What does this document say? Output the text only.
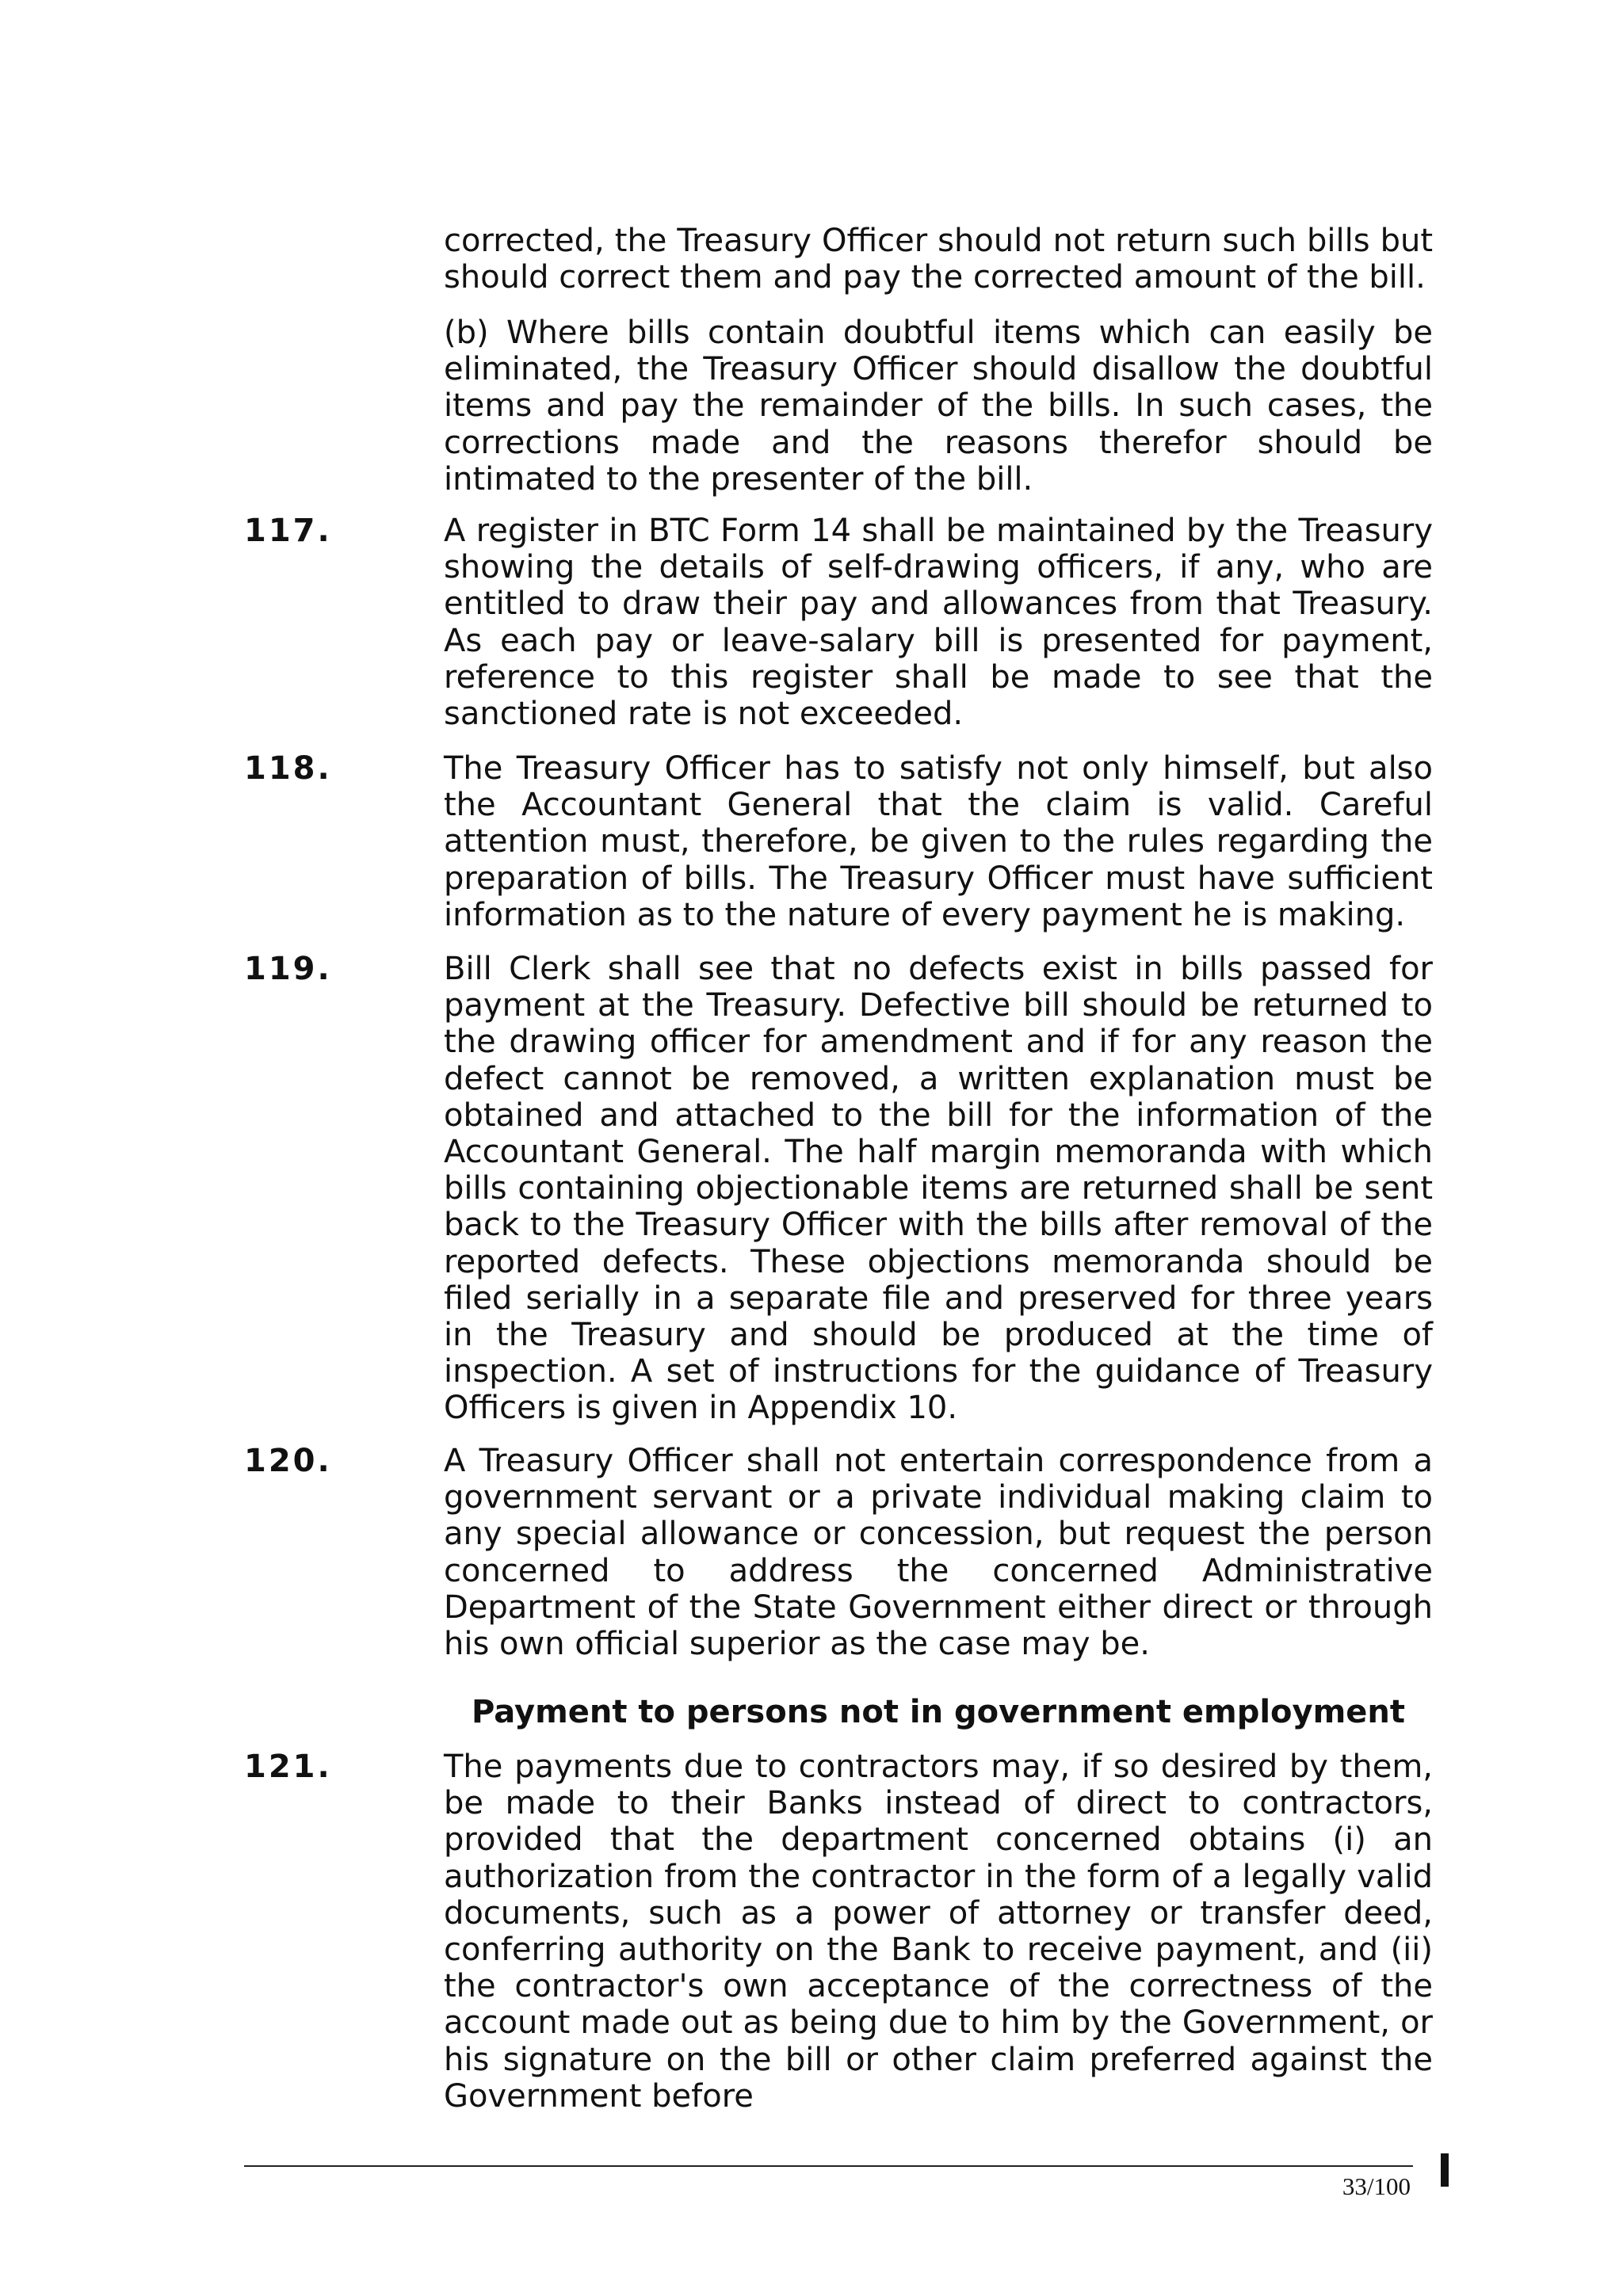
corrected, the Treasury Officer should not return such bills but should correct them and pay the corrected amount of the bill.

(b) Where bills contain doubtful items which can easily be eliminated, the Treasury Officer should disallow the doubtful items and pay the remainder of the bills. In such cases, the corrections made and the reasons therefor should be intimated to the presenter of the bill.

117.	A register in BTC Form 14 shall be maintained by the Treasury showing the details of self-drawing officers, if any, who are entitled to draw their pay and allowances from that Treasury. As each pay or leave-salary bill is presented for payment, reference to this register shall be made to see that the sanctioned rate is not exceeded.

118.	The Treasury Officer has to satisfy not only himself, but also the Accountant General that the claim is valid. Careful attention must, therefore, be given to the rules regarding the preparation of bills. The Treasury Officer must have sufficient information as to the nature of every payment he is making.

119.	Bill Clerk shall see that no defects exist in bills passed for payment at the Treasury. Defective bill should be returned to the drawing officer for amendment and if for any reason the defect cannot be removed, a written explanation must be obtained and attached to the bill for the information of the Accountant General. The half margin memoranda with which bills containing objectionable items are returned shall be sent back to the Treasury Officer with the bills after removal of the reported defects. These objections memoranda should be filed serially in a separate file and preserved for three years in the Treasury and should be produced at the time of inspection. A set of instructions for the guidance of Treasury Officers is given in Appendix 10.

120.	A Treasury Officer shall not entertain correspondence from a government servant or a private individual making claim to any special allowance or concession, but request the person concerned to address the concerned Administrative Department of the State Government either direct or through his own official superior as the case may be.

Payment to persons not in government employment

121.	The payments due to contractors may, if so desired by them, be made to their Banks instead of direct to contractors, provided that the department concerned obtains (i) an authorization from the contractor in the form of a legally valid documents, such as a power of attorney or transfer deed, conferring authority on the Bank to receive payment, and (ii) the contractor's own acceptance of the correctness of the account made out as being due to him by the Government, or his signature on the bill or other claim preferred against the Government before

33/100
